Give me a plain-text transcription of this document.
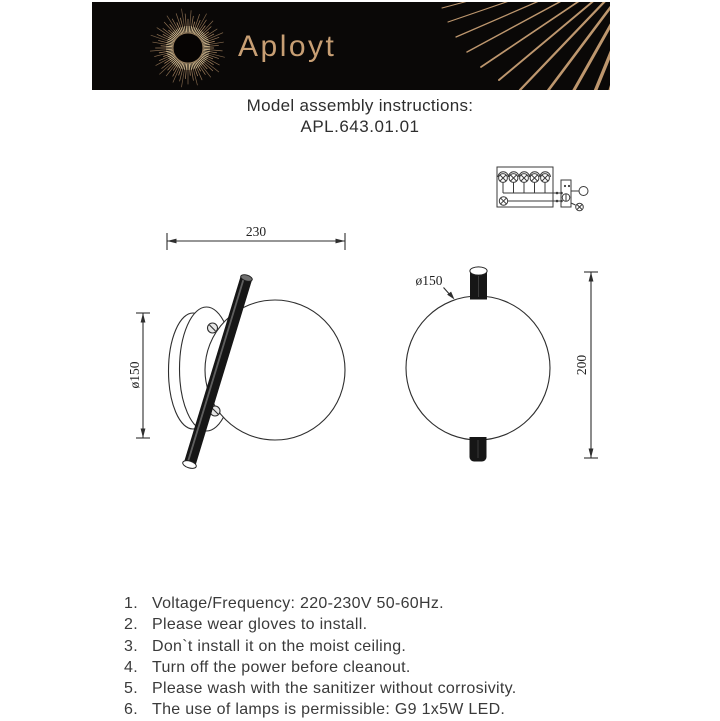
Aployt
Model assembly instructions:
APL.643.01.01
230
ø150
ø150
200
1. Voltage/Frequency: 220-230V 50-60Hz.
2. Please wear gloves to install.
3. Don`t install it on the moist ceiling.
4. Turn off the power before cleanout.
5. Please wash with the sanitizer without corrosivity.
6. The use of lamps is permissible: G9 1x5W LED.
